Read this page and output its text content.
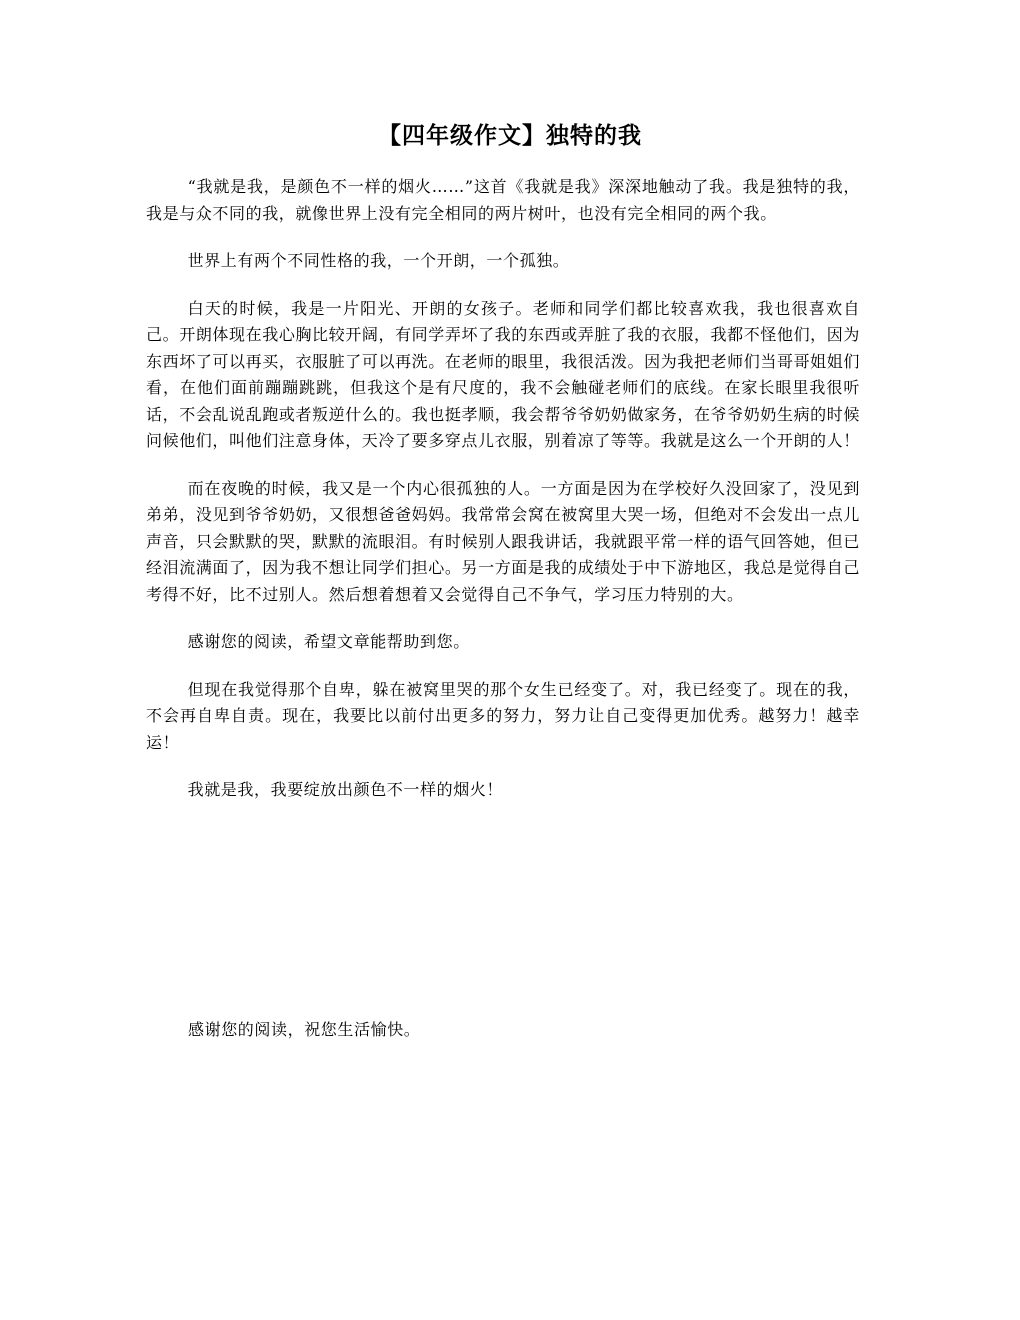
【四年级作文】独特的我

“我就是我，是颜色不一样的烟火……”这首《我就是我》深深地触动了我。我是独特的我，我是与众不同的我，就像世界上没有完全相同的两片树叶，也没有完全相同的两个我。

世界上有两个不同性格的我，一个开朗，一个孤独。

白天的时候，我是一片阳光、开朗的女孩子。老师和同学们都比较喜欢我，我也很喜欢自己。开朗体现在我心胸比较开阔，有同学弄坏了我的东西或弄脏了我的衣服，我都不怪他们，因为东西坏了可以再买，衣服脏了可以再洗。在老师的眼里，我很活泼。因为我把老师们当哥哥姐姐们看，在他们面前蹦蹦跳跳，但我这个是有尺度的，我不会触碰老师们的底线。在家长眼里我很听话，不会乱说乱跑或者叛逆什么的。我也挺孝顺，我会帮爷爷奶奶做家务，在爷爷奶奶生病的时候问候他们，叫他们注意身体，天冷了要多穿点儿衣服，别着凉了等等。我就是这么一个开朗的人！

而在夜晚的时候，我又是一个内心很孤独的人。一方面是因为在学校好久没回家了，没见到弟弟，没见到爷爷奶奶，又很想爸爸妈妈。我常常会窝在被窝里大哭一场，但绝对不会发出一点儿声音，只会默默的哭，默默的流眼泪。有时候别人跟我讲话，我就跟平常一样的语气回答她，但已经泪流满面了，因为我不想让同学们担心。另一方面是我的成绩处于中下游地区，我总是觉得自己考得不好，比不过别人。然后想着想着又会觉得自己不争气，学习压力特别的大。

感谢您的阅读，希望文章能帮助到您。

但现在我觉得那个自卑，躲在被窝里哭的那个女生已经变了。对，我已经变了。现在的我，不会再自卑自责。现在，我要比以前付出更多的努力，努力让自己变得更加优秀。越努力！越幸运！

我就是我，我要绽放出颜色不一样的烟火！

感谢您的阅读，祝您生活愉快。
